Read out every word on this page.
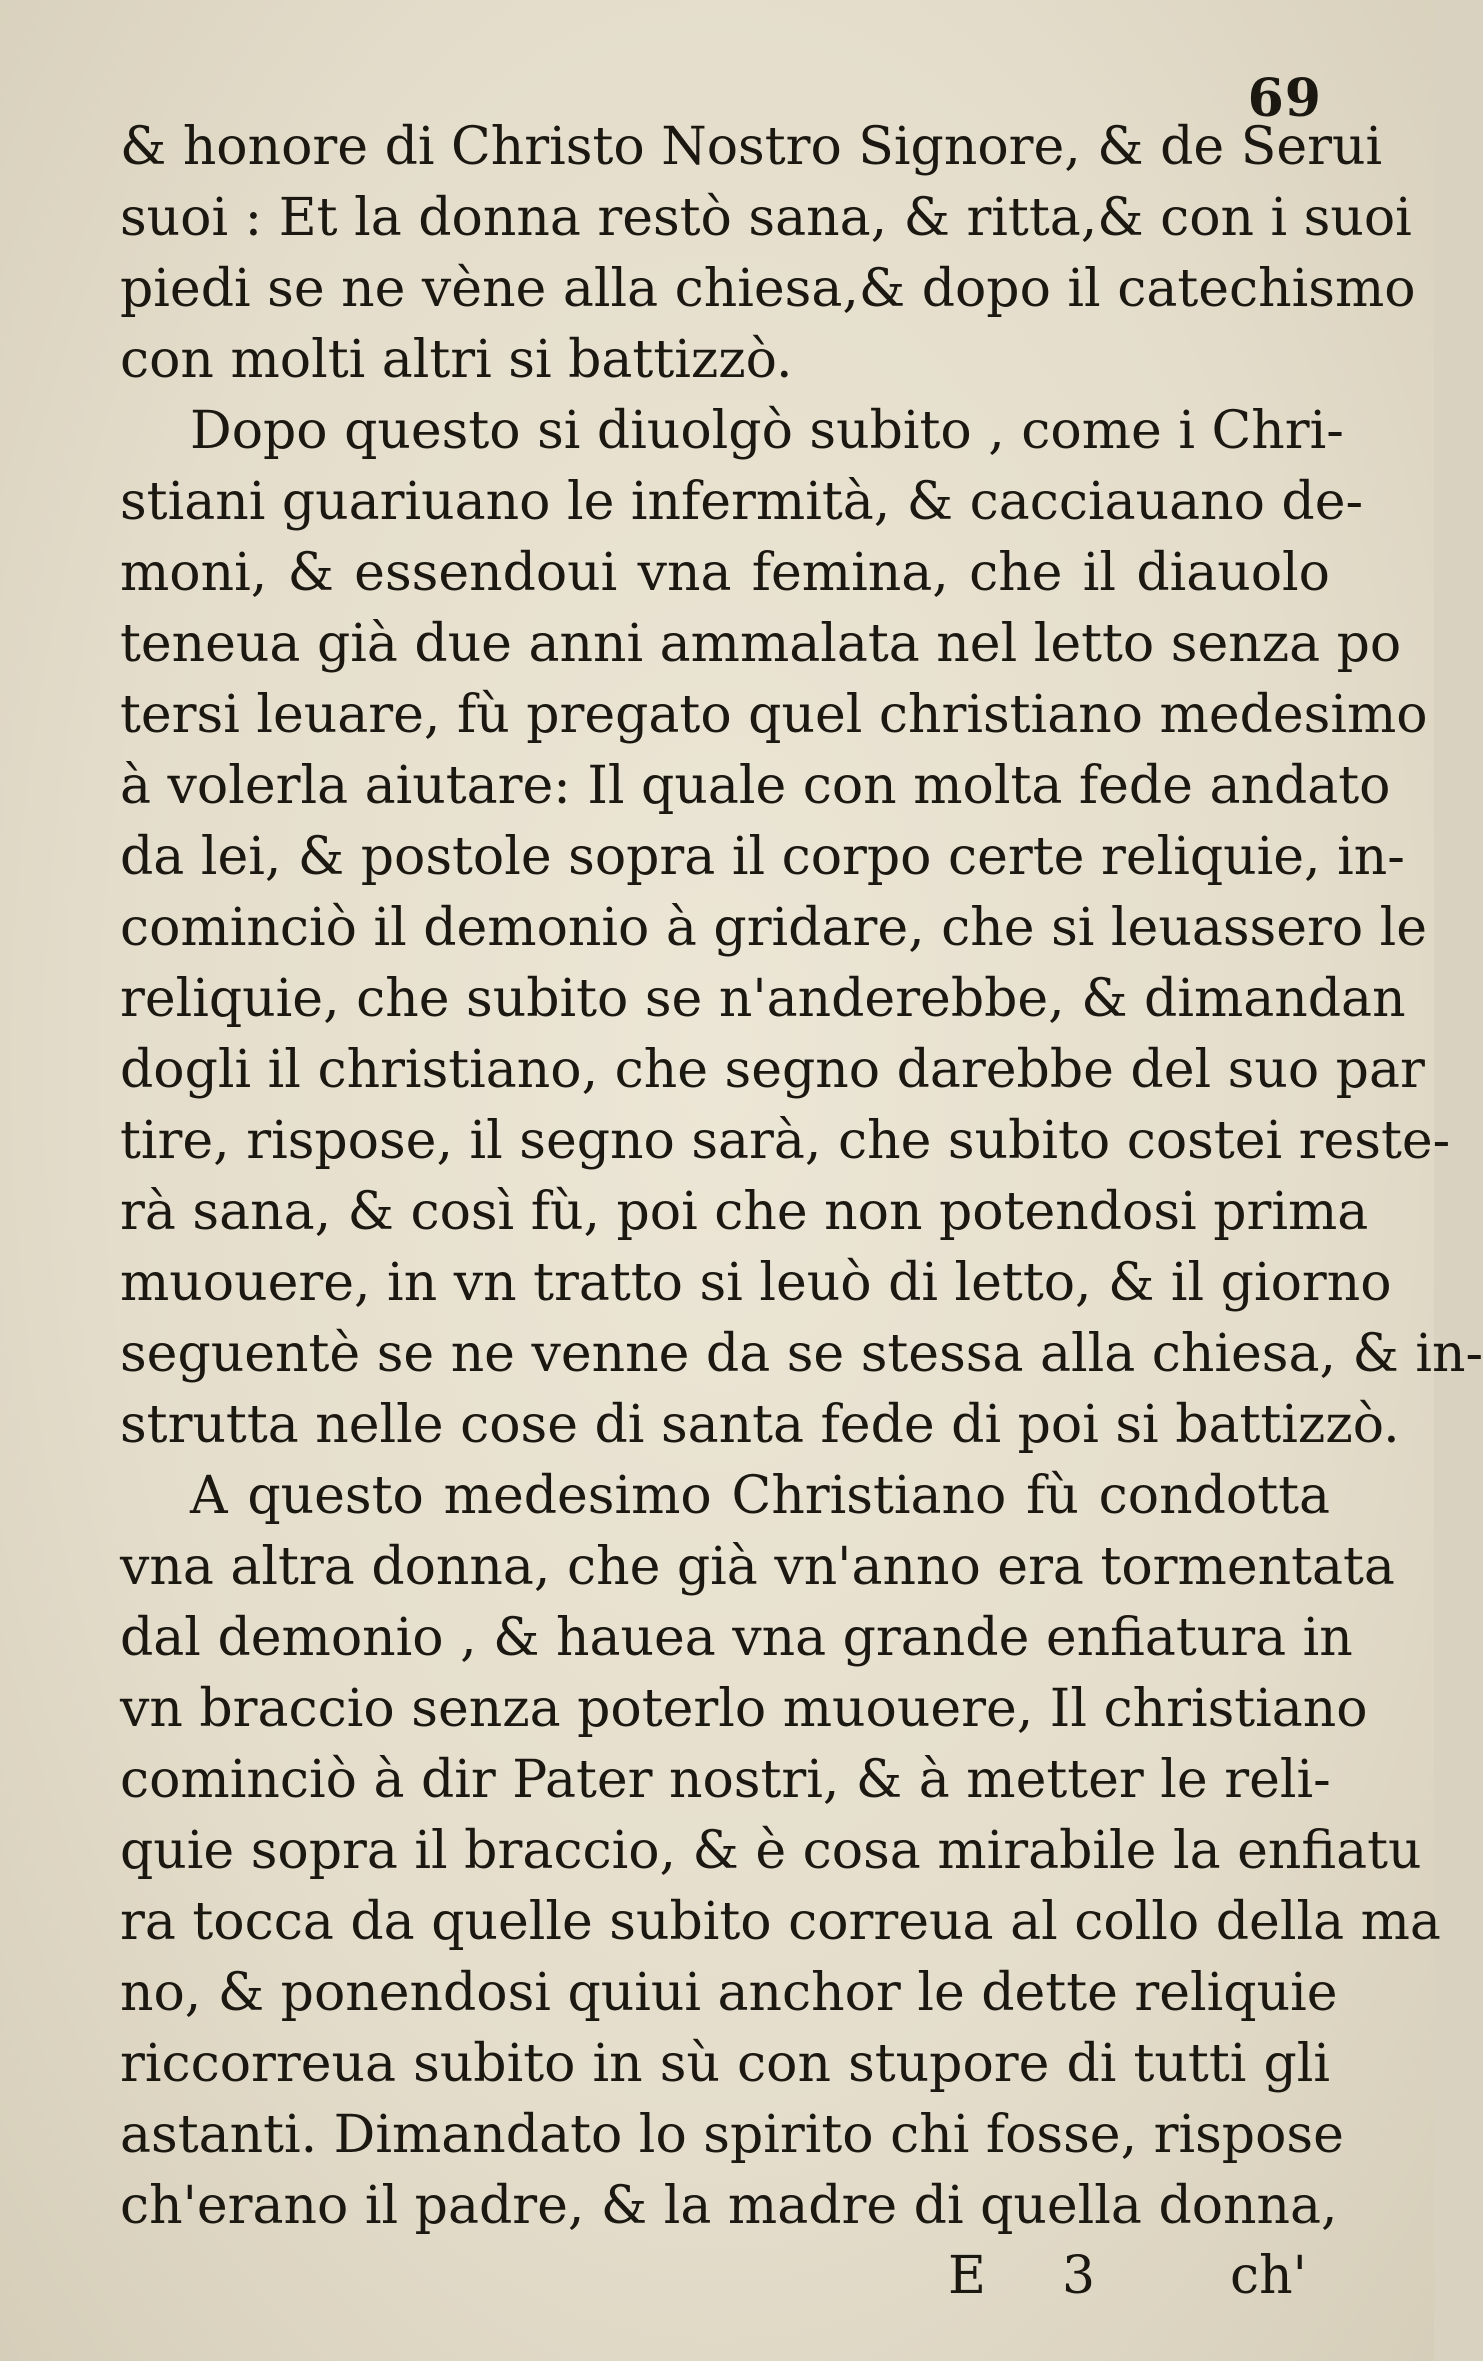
69
& honore di Christo Nostro Signore, & de Serui
suoi : Et la donna restò sana, & ritta,& con i suoi
piedi se ne vène alla chiesa,& dopo il catechismo
con molti altri si battizzò.
Dopo questo si diuolgò subito , come i Chri-
stiani guariuano le infermità, & cacciauano de-
moni, & essendoui vna femina, che il diauolo
teneua già due anni ammalata nel letto senza po
tersi leuare, fù pregato quel christiano medesimo
à volerla aiutare: Il quale con molta fede andato
da lei, & postole sopra il corpo certe reliquie, in-
cominciò il demonio à gridare, che si leuassero le
reliquie, che subito se n'anderebbe, & dimandan
dogli il christiano, che segno darebbe del suo par
tire, rispose, il segno sarà, che subito costei reste-
rà sana, & così fù, poi che non potendosi prima
muouere, in vn tratto si leuò di letto, & il giorno
seguentè se ne venne da se stessa alla chiesa, & in-
strutta nelle cose di santa fede di poi si battizzò.
A questo medesimo Christiano fù condotta
vna altra donna, che già vn'anno era tormentata
dal demonio , & hauea vna grande enfiatura in
vn braccio senza poterlo muouere, Il christiano
cominciò à dir Pater nostri, & à metter le reli-
quie sopra il braccio, & è cosa mirabile la enfiatu
ra tocca da quelle subito correua al collo della ma
no, & ponendosi quiui anchor le dette reliquie
riccorreua subito in sù con stupore di tutti gli
astanti. Dimandato lo spirito chi fosse, rispose
ch'erano il padre, & la madre di quella donna,
E 3	ch'
